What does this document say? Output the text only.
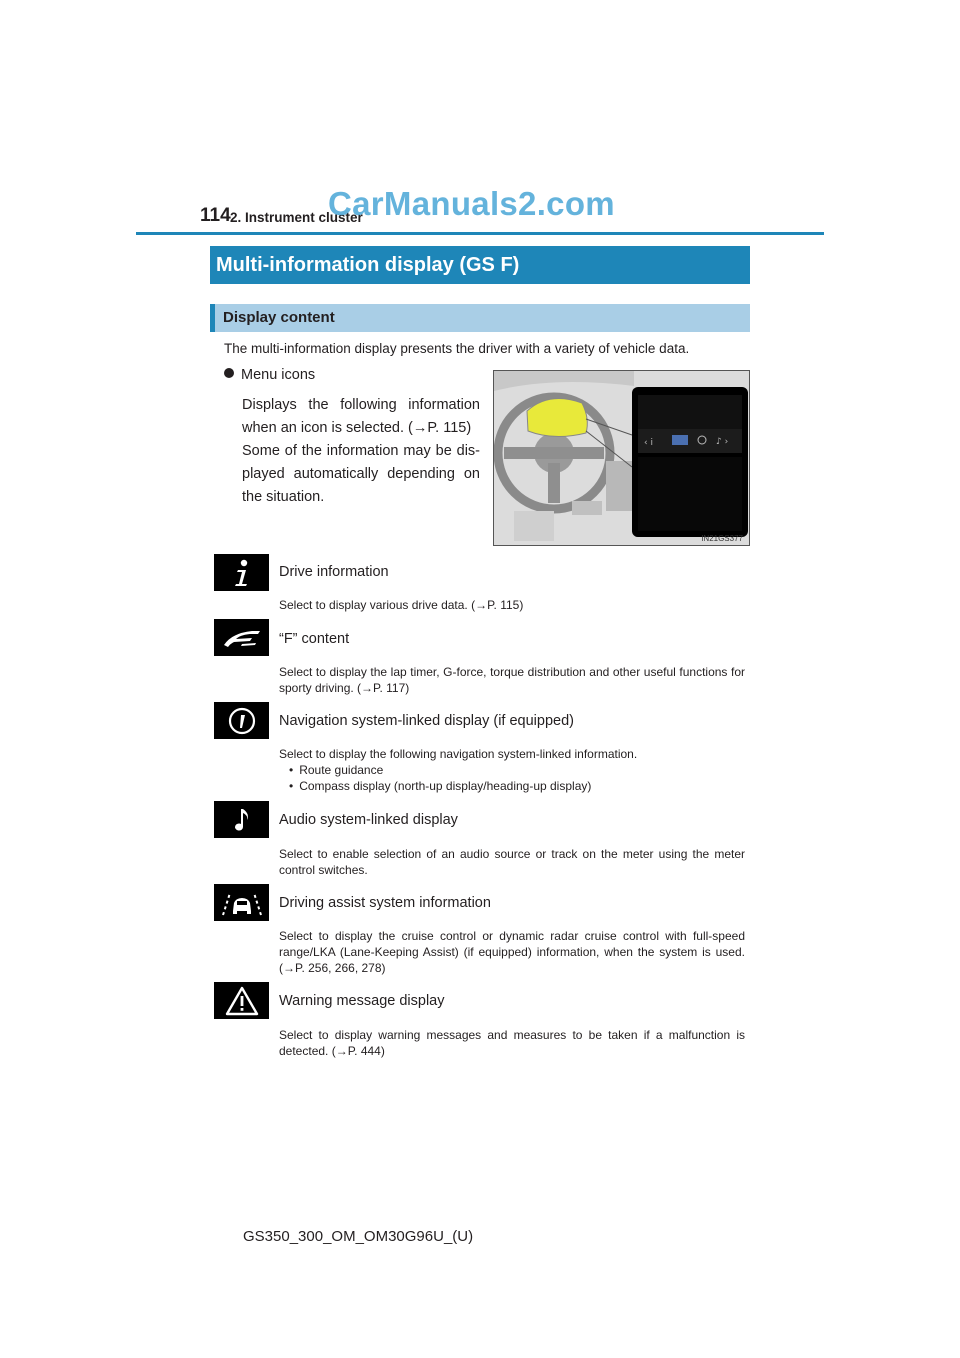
114 2. Instrument cluster
CarManuals2.com
Multi-information display (GS F)
Display content
The multi-information display presents the driver with a variety of vehicle data.
Menu icons
Displays the following information when an icon is selected. (→P. 115)
Some of the information may be dis-played automatically depending on the situation.
‹ i	♪ ›
IN21GS377
Drive information
Select to display various drive data. (→P. 115)
“F” content
Select to display the lap timer, G-force, torque distribution and other useful functions for sporty driving. (→P. 117)
Navigation system-linked display (if equipped)
Select to display the following navigation system-linked information.
• Route guidance
• Compass display (north-up display/heading-up display)
Audio system-linked display
Select to enable selection of an audio source or track on the meter using the meter control switches.
Driving assist system information
Select to display the cruise control or dynamic radar cruise control with full-speed range/LKA (Lane-Keeping Assist) (if equipped) information, when the system is used. (→P. 256, 266, 278)
Warning message display
Select to display warning messages and measures to be taken if a malfunction is detected. (→P. 444)
GS350_300_OM_OM30G96U_(U)
